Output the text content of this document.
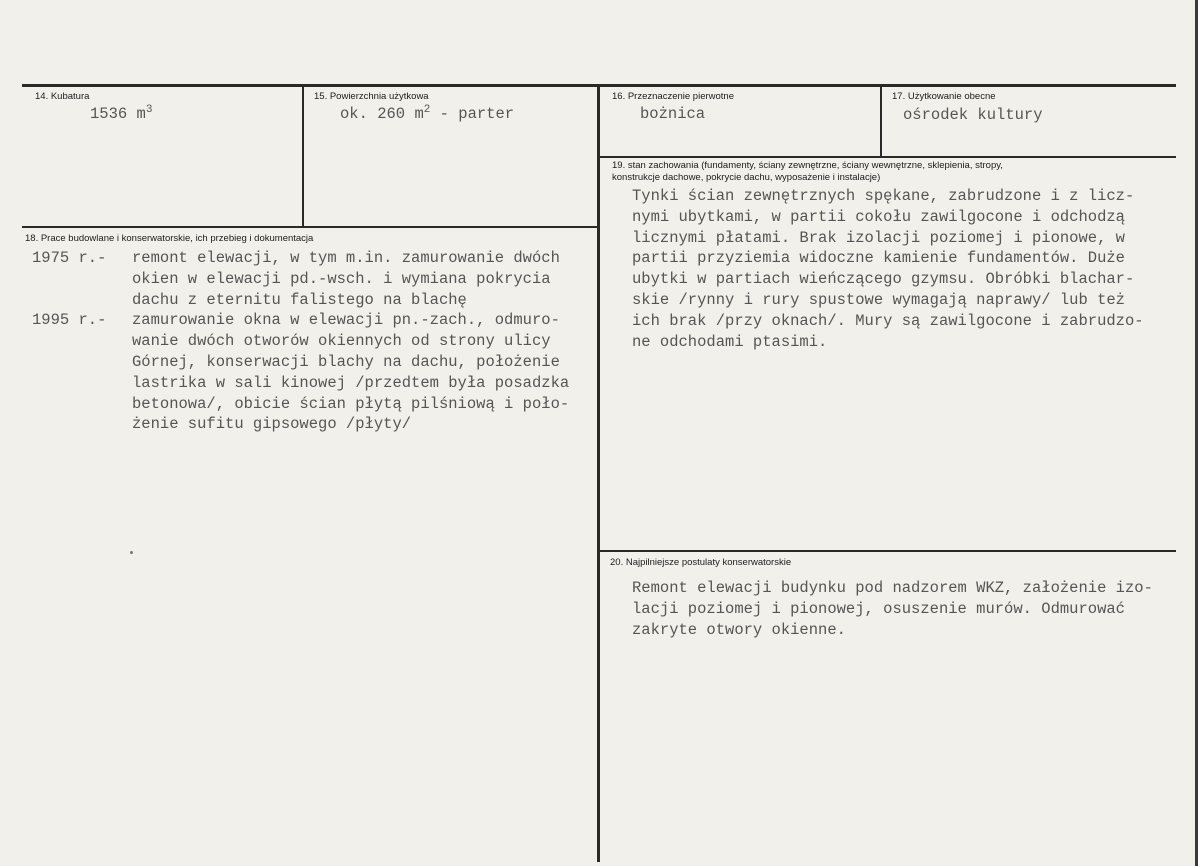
14. Kubatura
1536 $m^3$
15. Powierzchnia użytkowa
ok. 260 $m^2$ - parter
16. Przeznaczenie pierwotne
bożnica
17. Użytkowanie obecne
ośrodek kultury
19. stan zachowania (fundamenty, ściany zewnętrzne, ściany wewnętrzne, sklepienia, stropy,
konstrukcje dachowe, pokrycie dachu, wyposażenie i instalacje)
Tynki ścian zewnętrznych spękane, zabrudzone i z licz-
nymi ubytkami, w partii cokołu zawilgocone i odchodzą
licznymi płatami. Brak izolacji poziomej i pionowe, w
partii przyziemia widoczne kamienie fundamentów. Duże
ubytki w partiach wieńczącego gzymsu. Obróbki blachar-
skie /rynny i rury spustowe wymagają naprawy/ lub też
ich brak /przy oknach/. Mury są zawilgocone i zabrudzo-
ne odchodami ptasimi.
18. Prace budowlane i konserwatorskie, ich przebieg i dokumentacja
1975 r.- remont elewacji, w tym m.in. zamurowanie dwóch
okien w elewacji pd.-wsch. i wymiana pokrycia
dachu z eternitu falistego na blachę
1995 r.- zamurowanie okna w elewacji pn.-zach., odmuro-
wanie dwóch otworów okiennych od strony ulicy
Górnej, konserwacji blachy na dachu, położenie
lastrika w sali kinowej /przedtem była posadzka
betonowa/, obicie ścian płytą pilśniową i poło-
żenie sufitu gipsowego /płyty/
20. Najpilniejsze postulaty konserwatorskie
Remont elewacji budynku pod nadzorem WKZ, założenie izo-
lacji poziomej i pionowej, osuszenie murów. Odmurować
zakryte otwory okienne.
